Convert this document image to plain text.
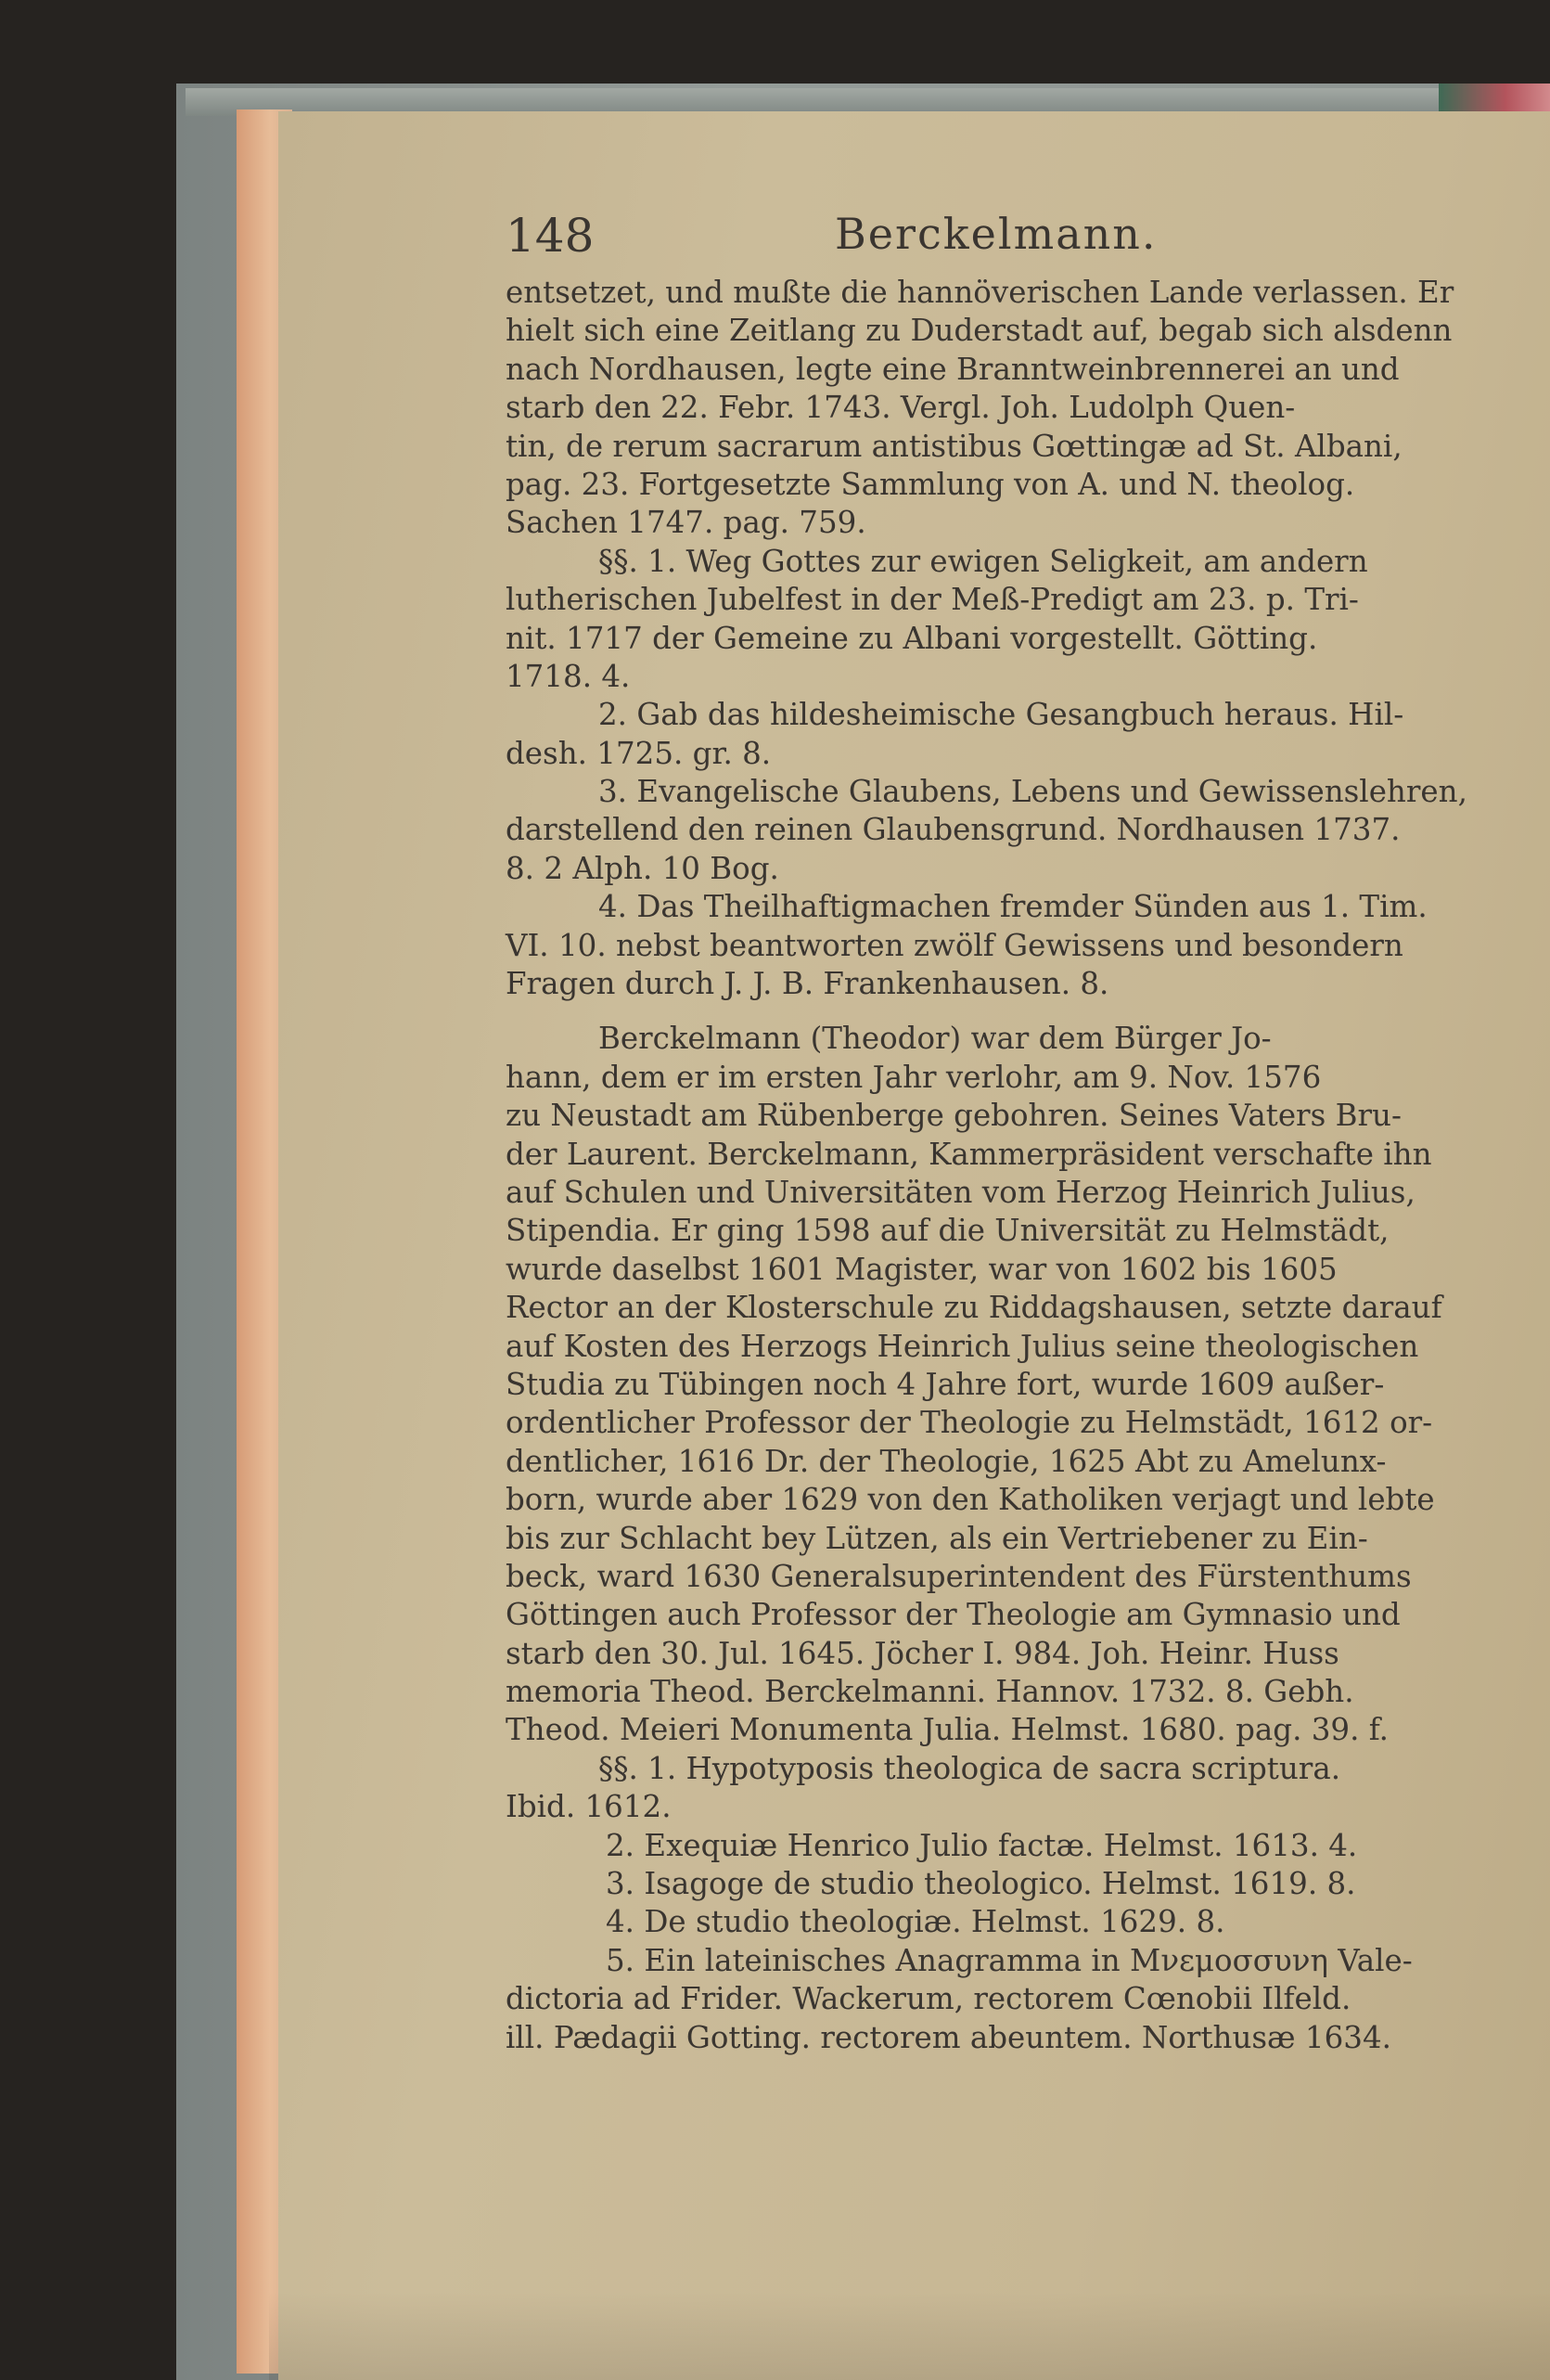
148	Berckelmann.
entsetzet, und mußte die hannöverischen Lande verlassen. Er
hielt sich eine Zeitlang zu Duderstadt auf, begab sich alsdenn
nach Nordhausen, legte eine Branntweinbrennerei an und
starb den 22. Febr. 1743. Vergl. Joh. Ludolph Quen-
tin, de rerum sacrarum antistibus Gœttingæ ad St. Albani,
pag. 23. Fortgesetzte Sammlung von A. und N. theolog.
Sachen 1747. pag. 759.
§§. 1. Weg Gottes zur ewigen Seligkeit, am andern
lutherischen Jubelfest in der Meß-Predigt am 23. p. Tri-
nit. 1717 der Gemeine zu Albani vorgestellt. Götting.
1718. 4.
2. Gab das hildesheimische Gesangbuch heraus. Hil-
desh. 1725. gr. 8.
3. Evangelische Glaubens, Lebens und Gewissenslehren,
darstellend den reinen Glaubensgrund. Nordhausen 1737.
8. 2 Alph. 10 Bog.
4. Das Theilhaftigmachen fremder Sünden aus 1. Tim.
VI. 10. nebst beantworten zwölf Gewissens und besondern
Fragen durch J. J. B. Frankenhausen. 8.
Berckelmann (Theodor) war dem Bürger Jo-
hann, dem er im ersten Jahr verlohr, am 9. Nov. 1576
zu Neustadt am Rübenberge gebohren. Seines Vaters Bru-
der Laurent. Berckelmann, Kammerpräsident verschafte ihn
auf Schulen und Universitäten vom Herzog Heinrich Julius,
Stipendia. Er ging 1598 auf die Universität zu Helmstädt,
wurde daselbst 1601 Magister, war von 1602 bis 1605
Rector an der Klosterschule zu Riddagshausen, setzte darauf
auf Kosten des Herzogs Heinrich Julius seine theologischen
Studia zu Tübingen noch 4 Jahre fort, wurde 1609 außer-
ordentlicher Professor der Theologie zu Helmstädt, 1612 or-
dentlicher, 1616 Dr. der Theologie, 1625 Abt zu Amelunx-
born, wurde aber 1629 von den Katholiken verjagt und lebte
bis zur Schlacht bey Lützen, als ein Vertriebener zu Ein-
beck, ward 1630 Generalsuperintendent des Fürstenthums
Göttingen auch Professor der Theologie am Gymnasio und
starb den 30. Jul. 1645. Jöcher I. 984. Joh. Heinr. Huss
memoria Theod. Berckelmanni. Hannov. 1732. 8. Gebh.
Theod. Meieri Monumenta Julia. Helmst. 1680. pag. 39. f.
§§. 1. Hypotyposis theologica de sacra scriptura.
Ibid. 1612.
2. Exequiæ Henrico Julio factæ. Helmst. 1613. 4.
3. Isagoge de studio theologico. Helmst. 1619. 8.
4. De studio theologiæ. Helmst. 1629. 8.
5. Ein lateinisches Anagramma in Μνεμοσσυνη Vale-
dictoria ad Frider. Wackerum, rectorem Cœnobii Ilfeld.
ill. Pædagii Gotting. rectorem abeuntem. Northusæ 1634.
